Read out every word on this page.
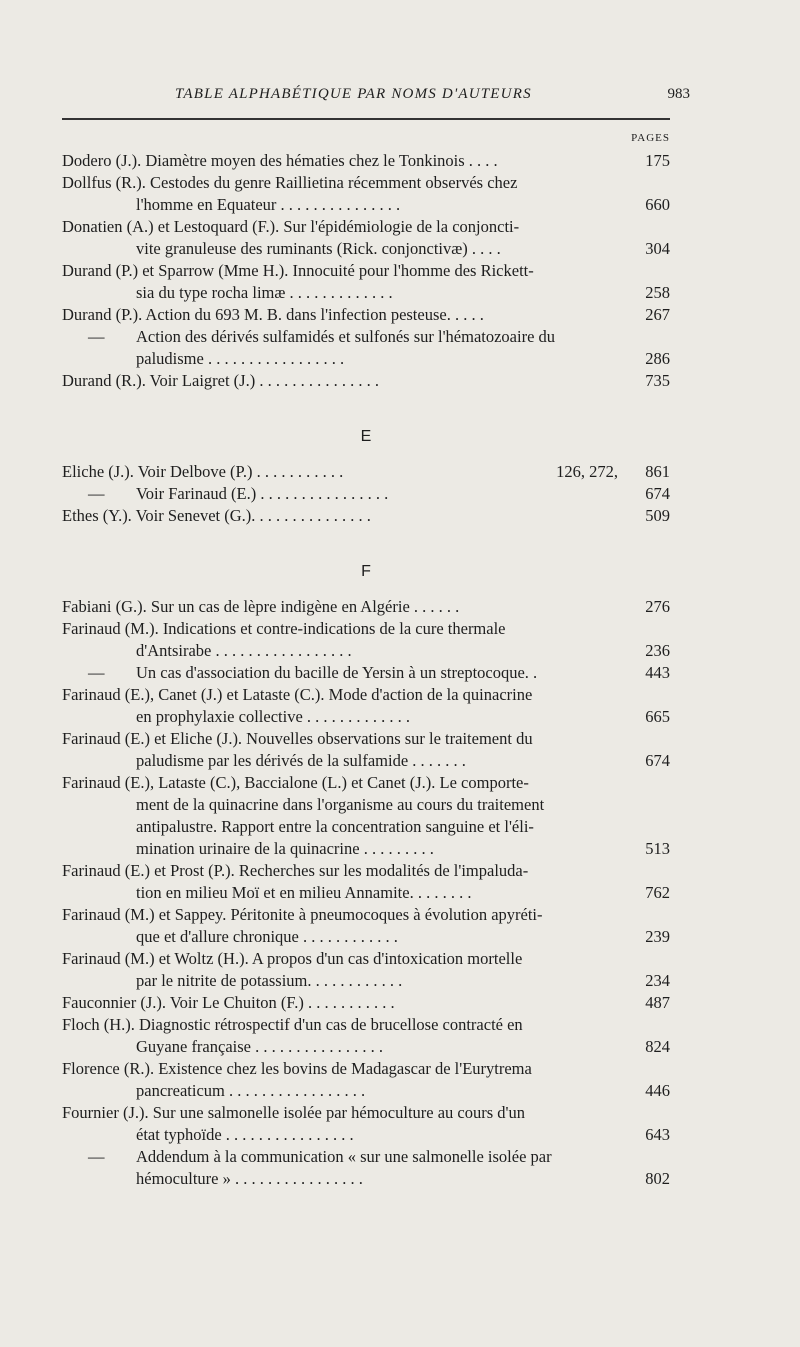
TABLE ALPHABÉTIQUE PAR NOMS D'AUTEURS	983
PAGES
Dodero (J.). Diamètre moyen des hématies chez le Tonkinois . . . .	175
Dollfus (R.). Cestodes du genre Raillietina récemment observés chez
l'homme en Equateur . . . . . . . . . . . . . . .	660
Donatien (A.) et Lestoquard (F.). Sur l'épidémiologie de la conjoncti-
vite granuleuse des ruminants (Rick. conjonctivæ) . . . .	304
Durand (P.) et Sparrow (Mme H.). Innocuité pour l'homme des Rickett-
sia du type rocha limæ . . . . . . . . . . . . .	258
Durand (P.). Action du 693 M. B. dans l'infection pesteuse. . . . .	267
— Action des dérivés sulfamidés et sulfonés sur l'hématozoaire du
paludisme . . . . . . . . . . . . . . . . .	286
Durand (R.). Voir Laigret (J.) . . . . . . . . . . . . . . .	735
E
Eliche (J.). Voir Delbove (P.) . . . . . . . . . . .	126, 272, 861
— Voir Farinaud (E.) . . . . . . . . . . . . . . . .	674
Ethes (Y.). Voir Senevet (G.). . . . . . . . . . . . . . .	509
F
Fabiani (G.). Sur un cas de lèpre indigène en Algérie . . . . . .	276
Farinaud (M.). Indications et contre-indications de la cure thermale
d'Antsirabe . . . . . . . . . . . . . . . . .	236
— Un cas d'association du bacille de Yersin à un streptocoque. .	443
Farinaud (E.), Canet (J.) et Lataste (C.). Mode d'action de la quinacrine
en prophylaxie collective . . . . . . . . . . . . .	665
Farinaud (E.) et Eliche (J.). Nouvelles observations sur le traitement du
paludisme par les dérivés de la sulfamide . . . . . . .	674
Farinaud (E.), Lataste (C.), Baccialone (L.) et Canet (J.). Le comporte-
ment de la quinacrine dans l'organisme au cours du traitement
antipalustre. Rapport entre la concentration sanguine et l'éli-
mination urinaire de la quinacrine . . . . . . . . .	513
Farinaud (E.) et Prost (P.). Recherches sur les modalités de l'impaluda-
tion en milieu Moï et en milieu Annamite. . . . . . . .	762
Farinaud (M.) et Sappey. Péritonite à pneumocoques à évolution apyréti-
que et d'allure chronique . . . . . . . . . . . .	239
Farinaud (M.) et Woltz (H.). A propos d'un cas d'intoxication mortelle
par le nitrite de potassium. . . . . . . . . . . .	234
Fauconnier (J.). Voir Le Chuiton (F.) . . . . . . . . . . .	487
Floch (H.). Diagnostic rétrospectif d'un cas de brucellose contracté en
Guyane française . . . . . . . . . . . . . . . .	824
Florence (R.). Existence chez les bovins de Madagascar de l'Eurytrema
pancreaticum . . . . . . . . . . . . . . . . .	446
Fournier (J.). Sur une salmonelle isolée par hémoculture au cours d'un
état typhoïde . . . . . . . . . . . . . . . .	643
— Addendum à la communication « sur une salmonelle isolée par
hémoculture » . . . . . . . . . . . . . . . .	802
